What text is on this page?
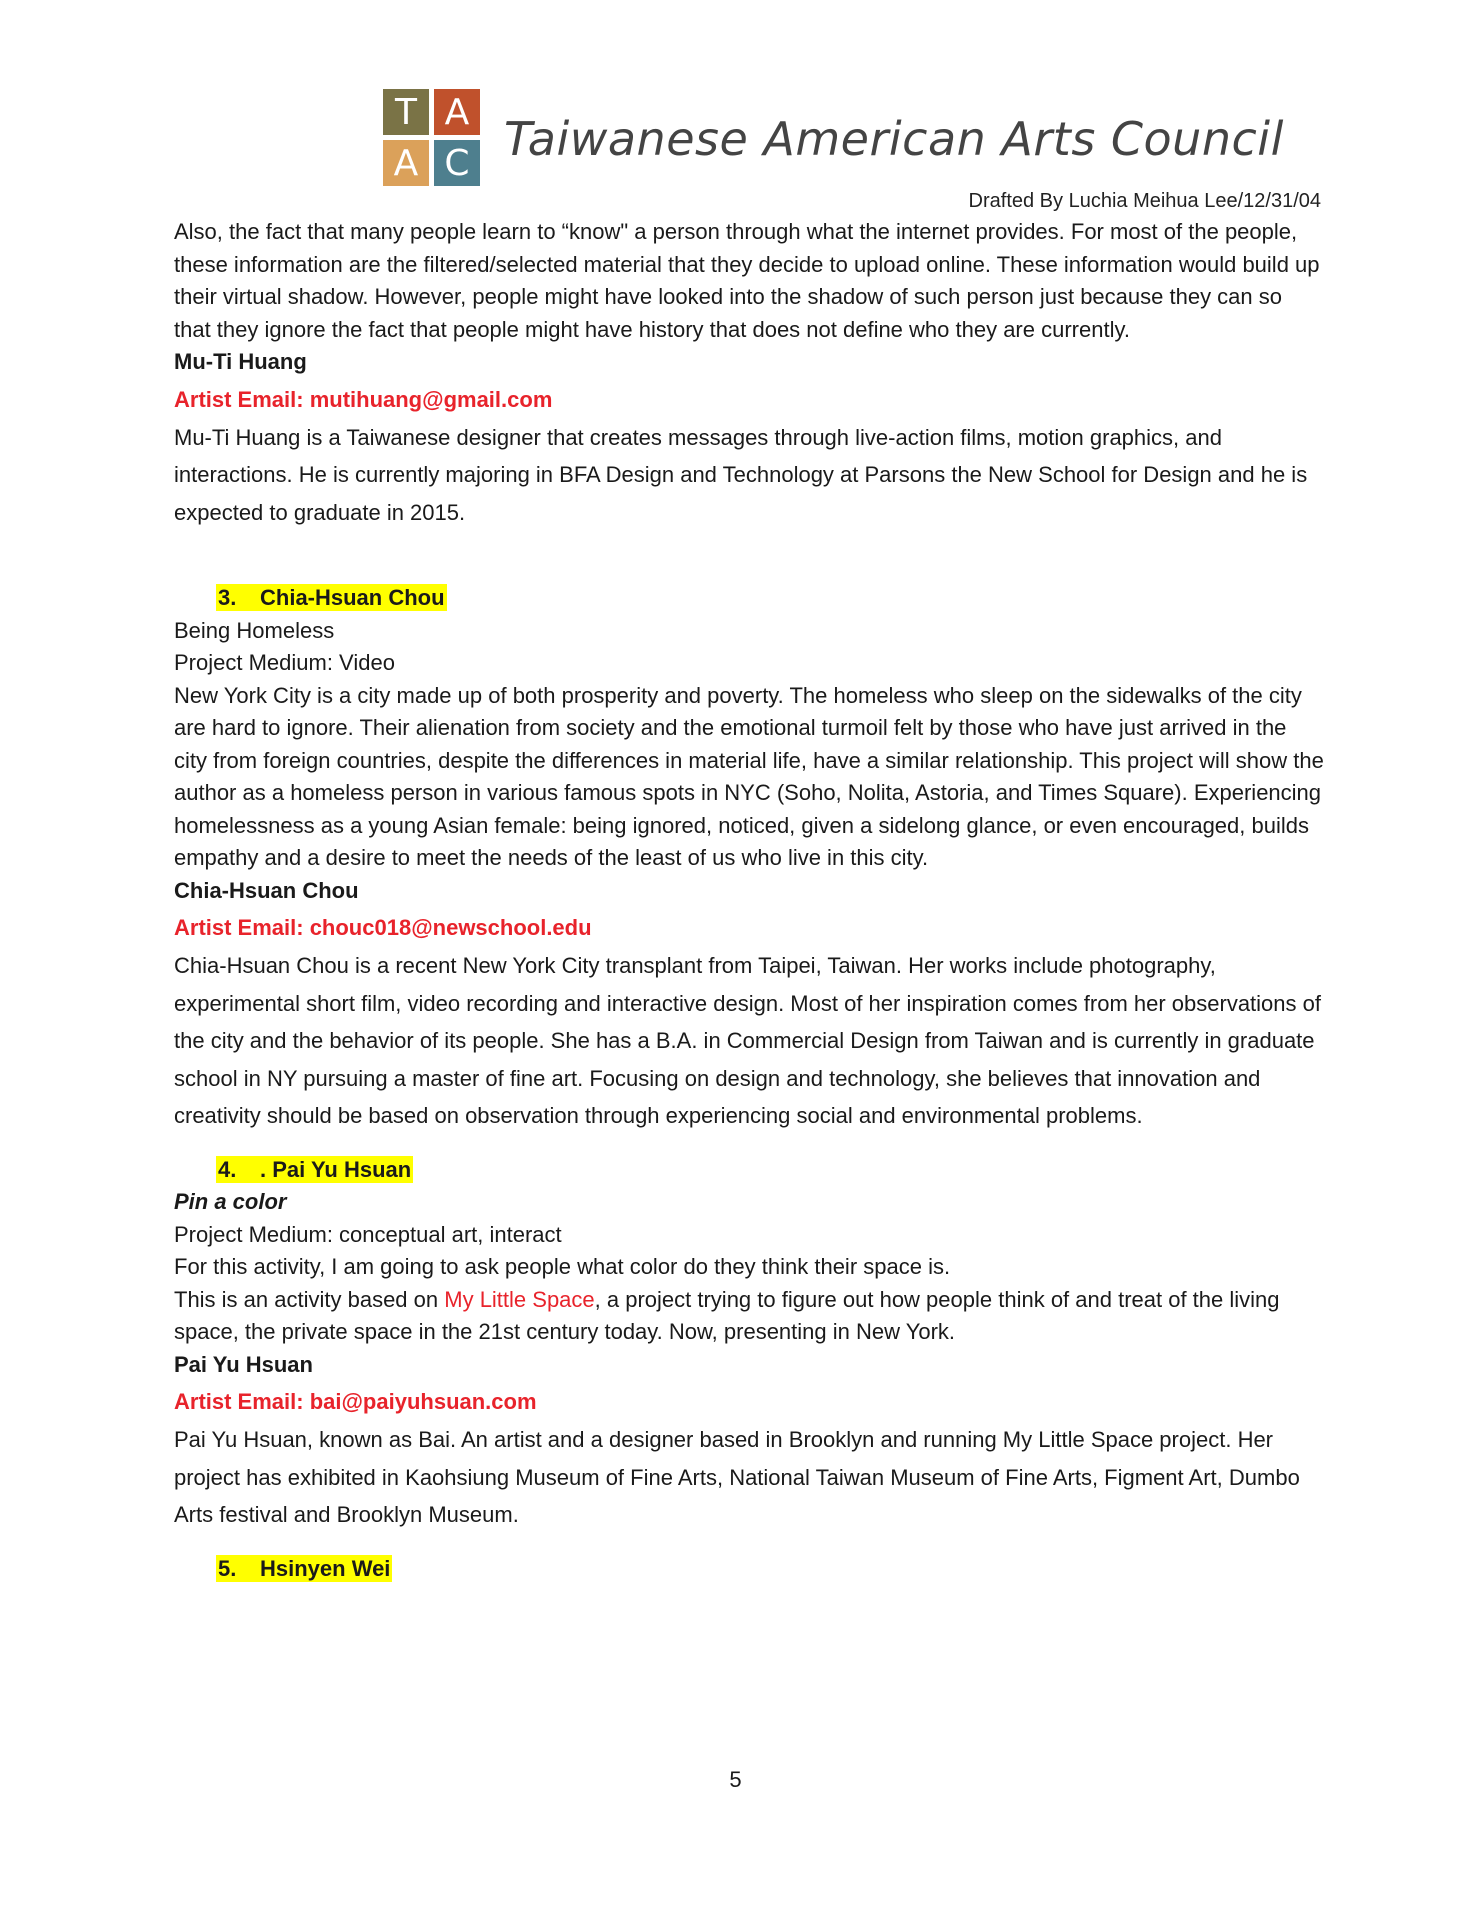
T A
A C Taiwanese American Arts Council
Drafted By Luchia Meihua Lee/12/31/04

Also, the fact that many people learn to “know" a person through what the internet provides. For most of the people, these information are the filtered/selected material that they decide to upload online. These information would build up their virtual shadow. However, people might have looked into the shadow of such person just because they can so that they ignore the fact that people might have history that does not define who they are currently.

Mu-Ti Huang
Artist Email: mutihuang@gmail.com

Mu-Ti Huang is a Taiwanese designer that creates messages through live-action films, motion graphics, and interactions. He is currently majoring in BFA Design and Technology at Parsons the New School for Design and he is expected to graduate in 2015.

3. Chia-Hsuan Chou
Being Homeless
Project Medium: Video

New York City is a city made up of both prosperity and poverty. The homeless who sleep on the sidewalks of the city are hard to ignore. Their alienation from society and the emotional turmoil felt by those who have just arrived in the city from foreign countries, despite the differences in material life, have a similar relationship. This project will show the author as a homeless person in various famous spots in NYC (Soho, Nolita, Astoria, and Times Square). Experiencing homelessness as a young Asian female: being ignored, noticed, given a sidelong glance, or even encouraged, builds empathy and a desire to meet the needs of the least of us who live in this city.

Chia-Hsuan Chou
Artist Email: chouc018@newschool.edu

Chia-Hsuan Chou is a recent New York City transplant from Taipei, Taiwan. Her works include photography, experimental short film, video recording and interactive design. Most of her inspiration comes from her observations of the city and the behavior of its people. She has a B.A. in Commercial Design from Taiwan and is currently in graduate school in NY pursuing a master of fine art. Focusing on design and technology, she believes that innovation and creativity should be based on observation through experiencing social and environmental problems.

4. . Pai Yu Hsuan
Pin a color
Project Medium: conceptual art, interact
For this activity, I am going to ask people what color do they think their space is.

This is an activity based on My Little Space, a project trying to figure out how people think of and treat of the living space, the private space in the 21st century today. Now, presenting in New York.

Pai Yu Hsuan
Artist Email: bai@paiyuhsuan.com

Pai Yu Hsuan, known as Bai. An artist and a designer based in Brooklyn and running My Little Space project. Her project has exhibited in Kaohsiung Museum of Fine Arts, National Taiwan Museum of Fine Arts, Figment Art, Dumbo Arts festival and Brooklyn Museum.

5. Hsinyen Wei
5
